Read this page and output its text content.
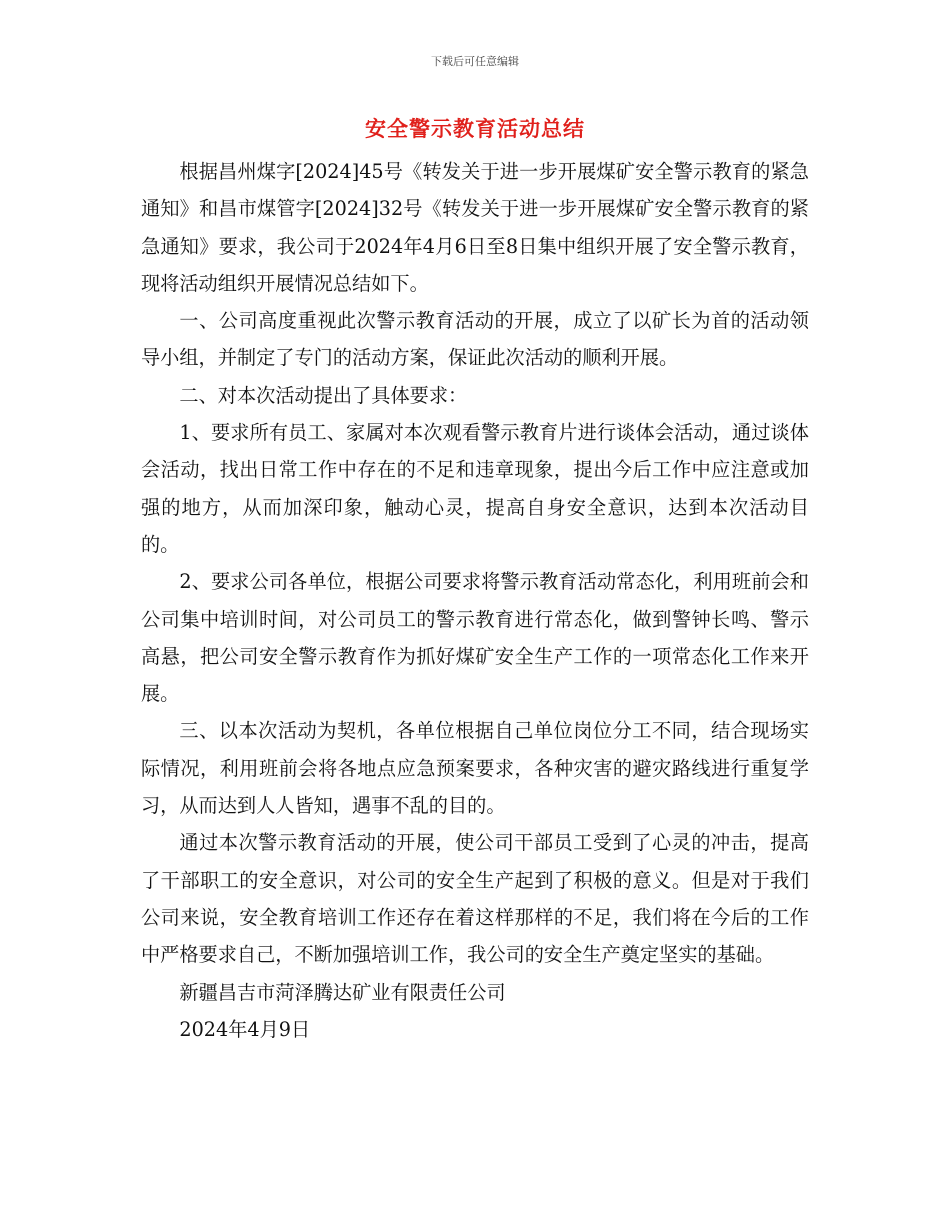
下载后可任意编辑
安全警示教育活动总结

根据昌州煤字[2024]45号《转发关于进一步开展煤矿安全警示教育的紧急通知》和昌市煤管字[2024]32号《转发关于进一步开展煤矿安全警示教育的紧急通知》要求，我公司于2024年4月6日至8日集中组织开展了安全警示教育，现将活动组织开展情况总结如下。

一、公司高度重视此次警示教育活动的开展，成立了以矿长为首的活动领导小组，并制定了专门的活动方案，保证此次活动的顺利开展。

二、对本次活动提出了具体要求：

1、要求所有员工、家属对本次观看警示教育片进行谈体会活动，通过谈体会活动，找出日常工作中存在的不足和违章现象，提出今后工作中应注意或加强的地方，从而加深印象，触动心灵，提高自身安全意识，达到本次活动目的。

2、要求公司各单位，根据公司要求将警示教育活动常态化，利用班前会和公司集中培训时间，对公司员工的警示教育进行常态化，做到警钟长鸣、警示高悬，把公司安全警示教育作为抓好煤矿安全生产工作的一项常态化工作来开展。

三、以本次活动为契机，各单位根据自己单位岗位分工不同，结合现场实际情况，利用班前会将各地点应急预案要求，各种灾害的避灾路线进行重复学习，从而达到人人皆知，遇事不乱的目的。

通过本次警示教育活动的开展，使公司干部员工受到了心灵的冲击，提高了干部职工的安全意识，对公司的安全生产起到了积极的意义。但是对于我们公司来说，安全教育培训工作还存在着这样那样的不足，我们将在今后的工作中严格要求自己，不断加强培训工作，我公司的安全生产奠定坚实的基础。

新疆昌吉市菏泽腾达矿业有限责任公司

2024年4月9日
